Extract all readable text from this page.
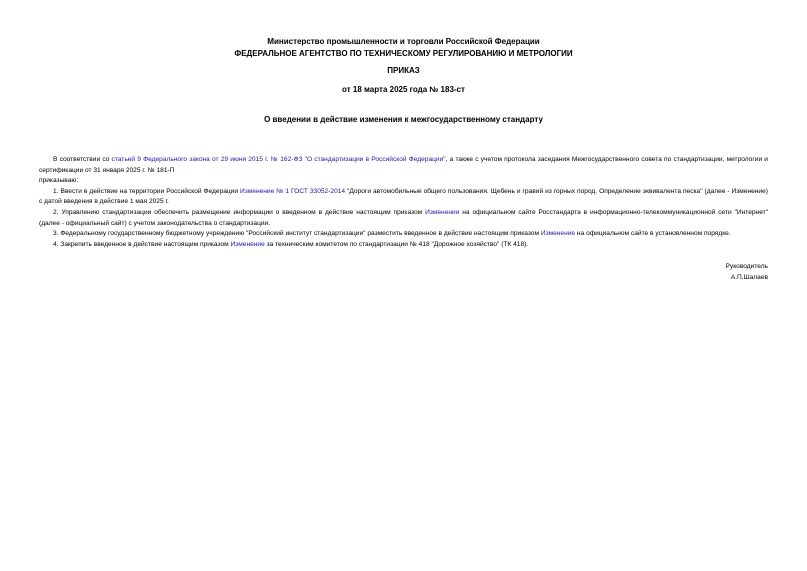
Министерство промышленности и торговли Российской Федерации
ФЕДЕРАЛЬНОЕ АГЕНТСТВО ПО ТЕХНИЧЕСКОМУ РЕГУЛИРОВАНИЮ И МЕТРОЛОГИИ
ПРИКАЗ
от 18 марта 2025 года № 183-ст
О введении в действие изменения к межгосударственному стандарту

В соответствии со статьей 9 Федерального закона от 29 июня 2015 г. № 162-ФЗ "О стандартизации в Российской Федерации", а также с учетом протокола заседания Межгосударственного совета по стандартизации, метрологии и сертификации от 31 января 2025 г. № 181-П

приказываю:

1. Ввести в действие на территории Российской Федерации Изменение № 1 ГОСТ 33052-2014 "Дороги автомобильные общего пользования. Щебень и гравий из горных пород. Определение эквивалента песка" (далее - Изменение) с датой введения в действие 1 мая 2025 г.

2. Управлению стандартизации обеспечить размещение информации о введенном в действие настоящим приказом Изменении на официальном сайте Росстандарта в информационно-телекоммуникационной сети "Интернет" (далее - официальный сайт) с учетом законодательства о стандартизации.

3. Федеральному государственному бюджетному учреждению "Российский институт стандартизации" разместить введенное в действие настоящим приказом Изменение на официальном сайте в установленном порядке.

4. Закрепить введенное в действие настоящим приказом Изменение за техническим комитетом по стандартизации № 418 "Дорожное хозяйство" (ТК 418).

Руководитель
А.П.Шалаев
